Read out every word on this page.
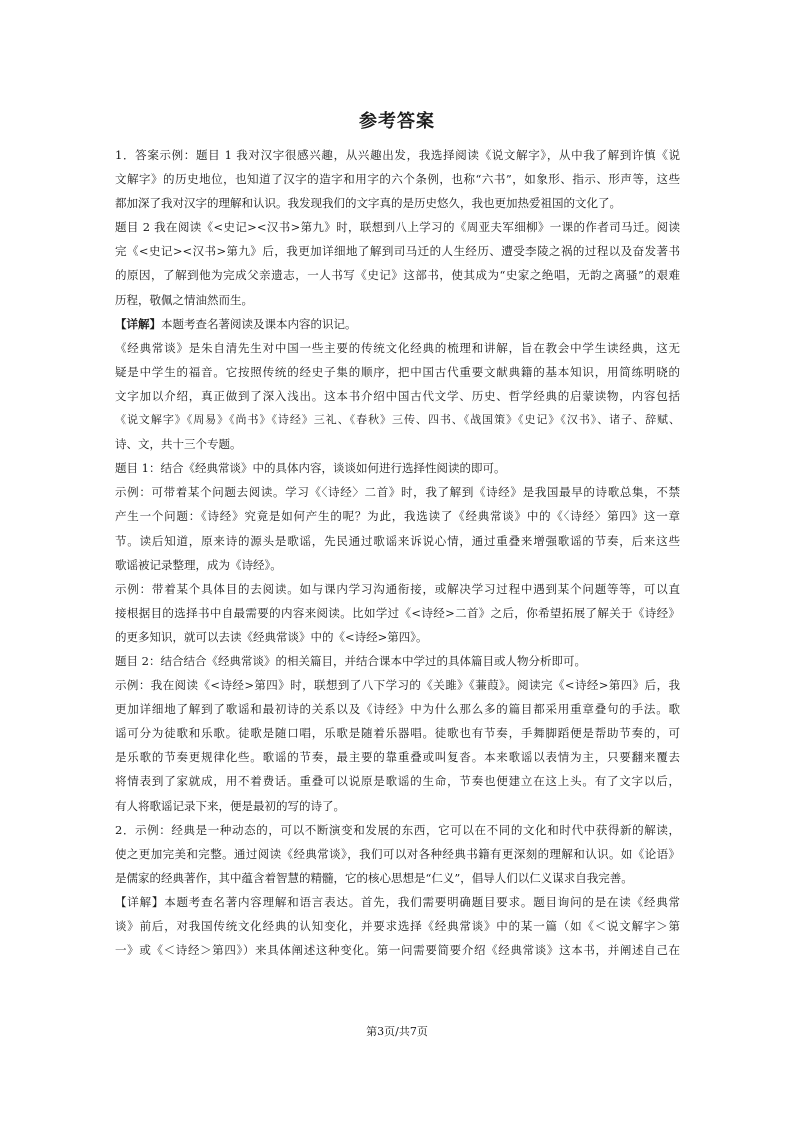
参考答案
1．答案示例：题目 1 我对汉字很感兴趣，从兴趣出发，我选择阅读《说文解字》，从中我了解到许慎《说
文解字》的历史地位，也知道了汉字的造字和用字的六个条例，也称“六书”，如象形、指示、形声等，这些
都加深了我对汉字的理解和认识。我发现我们的文字真的是历史悠久，我也更加热爱祖国的文化了。
题目 2 我在阅读《<史记><汉书>第九》时，联想到八上学习的《周亚夫军细柳》一课的作者司马迁。阅读
完《<史记><汉书>第九》后，我更加详细地了解到司马迁的人生经历、遭受李陵之祸的过程以及奋发著书
的原因，了解到他为完成父亲遗志，一人书写《史记》这部书，使其成为“史家之绝唱，无韵之离骚”的艰难
历程，敬佩之情油然而生。
【详解】本题考查名著阅读及课本内容的识记。
《经典常谈》是朱自清先生对中国一些主要的传统文化经典的梳理和讲解，旨在教会中学生读经典，这无
疑是中学生的福音。它按照传统的经史子集的顺序，把中国古代重要文献典籍的基本知识，用简练明晓的
文字加以介绍，真正做到了深入浅出。这本书介绍中国古代文学、历史、哲学经典的启蒙读物，内容包括
《说文解字》《周易》《尚书》《诗经》三礼、《春秋》三传、四书、《战国策》《史记》《汉书》、诸子、辞赋、
诗、文，共十三个专题。
题目 1：结合《经典常谈》中的具体内容，谈谈如何进行选择性阅读的即可。
示例：可带着某个问题去阅读。学习《〈诗经〉二首》时，我了解到《诗经》是我国最早的诗歌总集，不禁
产生一个问题：《诗经》究竟是如何产生的呢？为此，我选读了《经典常谈》中的《〈诗经〉第四》这一章
节。读后知道，原来诗的源头是歌谣，先民通过歌谣来诉说心情，通过重叠来增强歌谣的节奏，后来这些
歌谣被记录整理，成为《诗经》。
示例：带着某个具体目的去阅读。如与课内学习沟通衔接，或解决学习过程中遇到某个问题等等，可以直
接根据目的选择书中自最需要的内容来阅读。比如学过《<诗经>二首》之后，你希望拓展了解关于《诗经》
的更多知识，就可以去读《经典常谈》中的《<诗经>第四》。
题目 2：结合结合《经典常谈》的相关篇目，并结合课本中学过的具体篇目或人物分析即可。
示例：我在阅读《<诗经>第四》时，联想到了八下学习的《关雎》《蒹葭》。阅读完《<诗经>第四》后，我
更加详细地了解到了歌谣和最初诗的关系以及《诗经》中为什么那么多的篇目都采用重章叠句的手法。歌
谣可分为徒歌和乐歌。徒歌是随口唱，乐歌是随着乐器唱。徒歌也有节奏，手舞脚蹈便是帮助节奏的，可
是乐歌的节奏更规律化些。歌谣的节奏，最主要的靠重叠或叫复沓。本来歌谣以表情为主，只要翻来覆去
将情表到了家就成，用不着费话。重叠可以说原是歌谣的生命，节奏也便建立在这上头。有了文字以后，
有人将歌谣记录下来，便是最初的写的诗了。
2．示例：经典是一种动态的，可以不断演变和发展的东西，它可以在不同的文化和时代中获得新的解读，
使之更加完美和完整。通过阅读《经典常谈》，我们可以对各种经典书籍有更深刻的理解和认识。如《论语》
是儒家的经典著作，其中蕴含着智慧的精髓，它的核心思想是“仁义”，倡导人们以仁义谋求自我完善。
【详解】本题考查名著内容理解和语言表达。首先，我们需要明确题目要求。题目询问的是在读《经典常
谈》前后，对我国传统文化经典的认知变化，并要求选择《经典常谈》中的某一篇（如《＜说文解字＞第
一》或《＜诗经＞第四》）来具体阐述这种变化。第一问需要简要介绍《经典常谈》这本书，并阐述自己在
第3页/共7页
